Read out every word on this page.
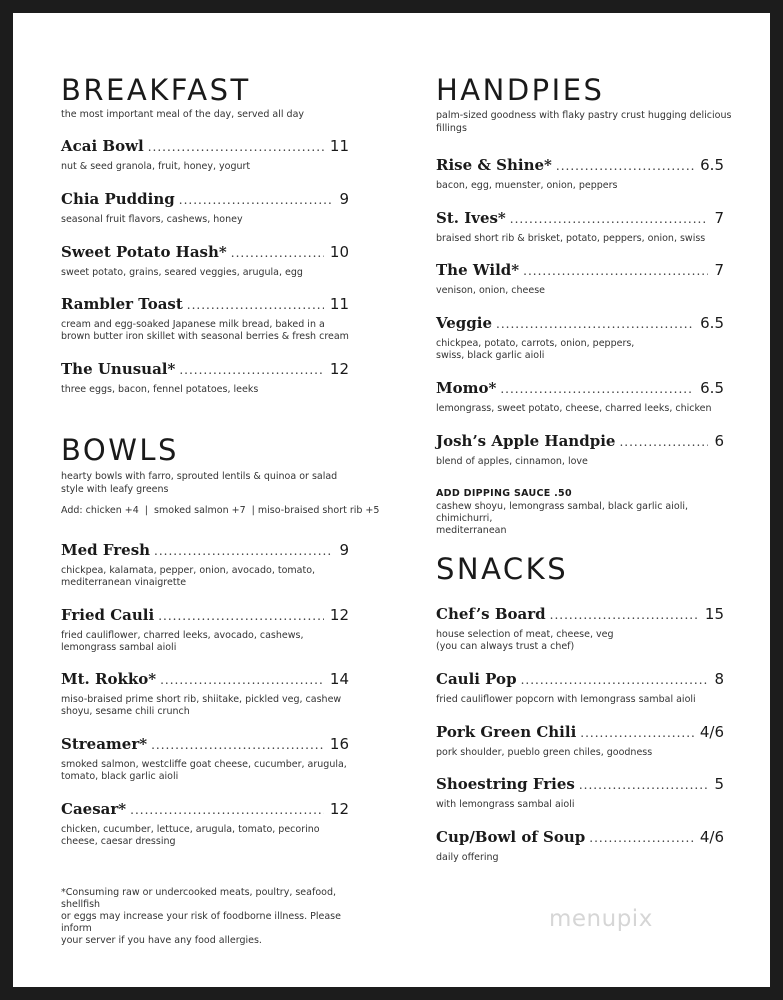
BREAKFAST
the most important meal of the day, served all day
Acai Bowl .....	11
nut & seed granola, fruit, honey, yogurt
Chia Pudding .....	9
seasonal fruit flavors, cashews, honey
Sweet Potato Hash* .....	10
sweet potato, grains, seared veggies, arugula, egg
Rambler Toast .....	11
cream and egg-soaked Japanese milk bread, baked in a
brown butter iron skillet with seasonal berries & fresh cream
The Unusual* .....	12
three eggs, bacon, fennel potatoes, leeks
BOWLS
hearty bowls with farro, sprouted lentils & quinoa or salad style with leafy greens
Add: chicken +4  |  smoked salmon +7  | miso-braised short rib +5
Med Fresh .....	9
chickpea, kalamata, pepper, onion, avocado, tomato,
mediterranean vinaigrette
Fried Cauli .....	12
fried cauliflower, charred leeks, avocado, cashews,
lemongrass sambal aioli
Mt. Rokko* .....	14
miso-braised prime short rib, shiitake, pickled veg, cashew
shoyu, sesame chili crunch
Streamer* .....	16
smoked salmon, westcliffe goat cheese, cucumber, arugula,
tomato, black garlic aioli
Caesar* .....	12
chicken, cucumber, lettuce, arugula, tomato, pecorino
cheese, caesar dressing
*Consuming raw or undercooked meats, poultry, seafood, shellfish
or eggs may increase your risk of foodborne illness. Please inform
your server if you have any food allergies.
HANDPIES
palm-sized goodness with flaky pastry crust hugging delicious fillings
Rise & Shine* .....	6.5
bacon, egg, muenster, onion, peppers
St. Ives* .....	7
braised short rib & brisket, potato, peppers, onion, swiss
The Wild* .....	7
venison, onion, cheese
Veggie .....	6.5
chickpea, potato, carrots, onion, peppers,
swiss, black garlic aioli
Momo* .....	6.5
lemongrass, sweet potato, cheese, charred leeks, chicken
Josh’s Apple Handpie .....	6
blend of apples, cinnamon, love
ADD DIPPING SAUCE .50
cashew shoyu, lemongrass sambal, black garlic aioli, chimichurri,
mediterranean
SNACKS
Chef’s Board .....	15
house selection of meat, cheese, veg
(you can always trust a chef)
Cauli Pop .....	8
fried cauliflower popcorn with lemongrass sambal aioli
Pork Green Chili .....	4/6
pork shoulder, pueblo green chiles, goodness
Shoestring Fries .....	5
with lemongrass sambal aioli
Cup/Bowl of Soup .....	4/6
daily offering
menupix
